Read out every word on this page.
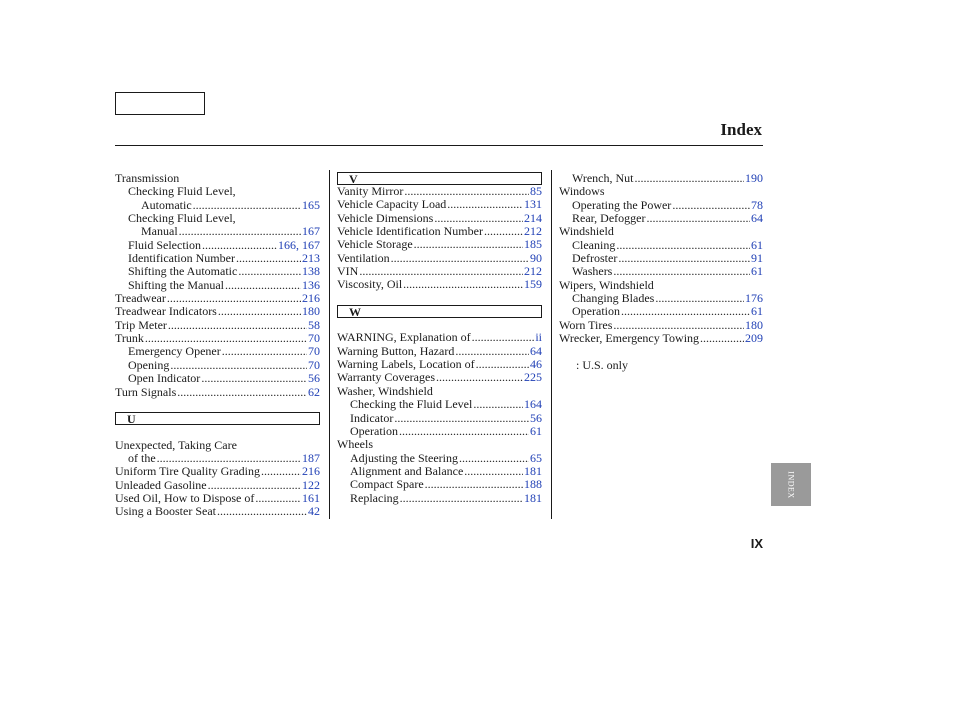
Index
Transmission
Checking Fluid Level,
Automatic .....	165
Checking Fluid Level,
Manual .....	167
Fluid Selection .....	166, 167
Identification Number .....	213
Shifting the Automatic .....	138
Shifting the Manual .....	136
Treadwear .....	216
Treadwear Indicators .....	180
Trip Meter .....	58
Trunk .....	70
Emergency Opener .....	70
Opening .....	70
Open Indicator .....	56
Turn Signals .....	62
U
Unexpected, Taking Care
of the .....	187
Uniform Tire Quality Grading .....	216
Unleaded Gasoline .....	122
Used Oil, How to Dispose of .....	161
Using a Booster Seat .....	42
V
Vanity Mirror .....	85
Vehicle Capacity Load .....	131
Vehicle Dimensions .....	214
Vehicle Identification Number .....	212
Vehicle Storage .....	185
Ventilation .....	90
VIN .....	212
Viscosity, Oil .....	159
W
WARNING, Explanation of .....	ii
Warning Button, Hazard .....	64
Warning Labels, Location of .....	46
Warranty Coverages .....	225
Washer, Windshield
Checking the Fluid Level .....	164
Indicator .....	56
Operation .....	61
Wheels
Adjusting the Steering .....	65
Alignment and Balance .....	181
Compact Spare .....	188
Replacing .....	181
Wrench, Nut .....	190
Windows
Operating the Power .....	78
Rear, Defogger .....	64
Windshield
Cleaning .....	61
Defroster .....	91
Washers .....	61
Wipers, Windshield
Changing Blades .....	176
Operation .....	61
Worn Tires .....	180
Wrecker, Emergency Towing .....	209
: U.S. only
INDEX
IX
